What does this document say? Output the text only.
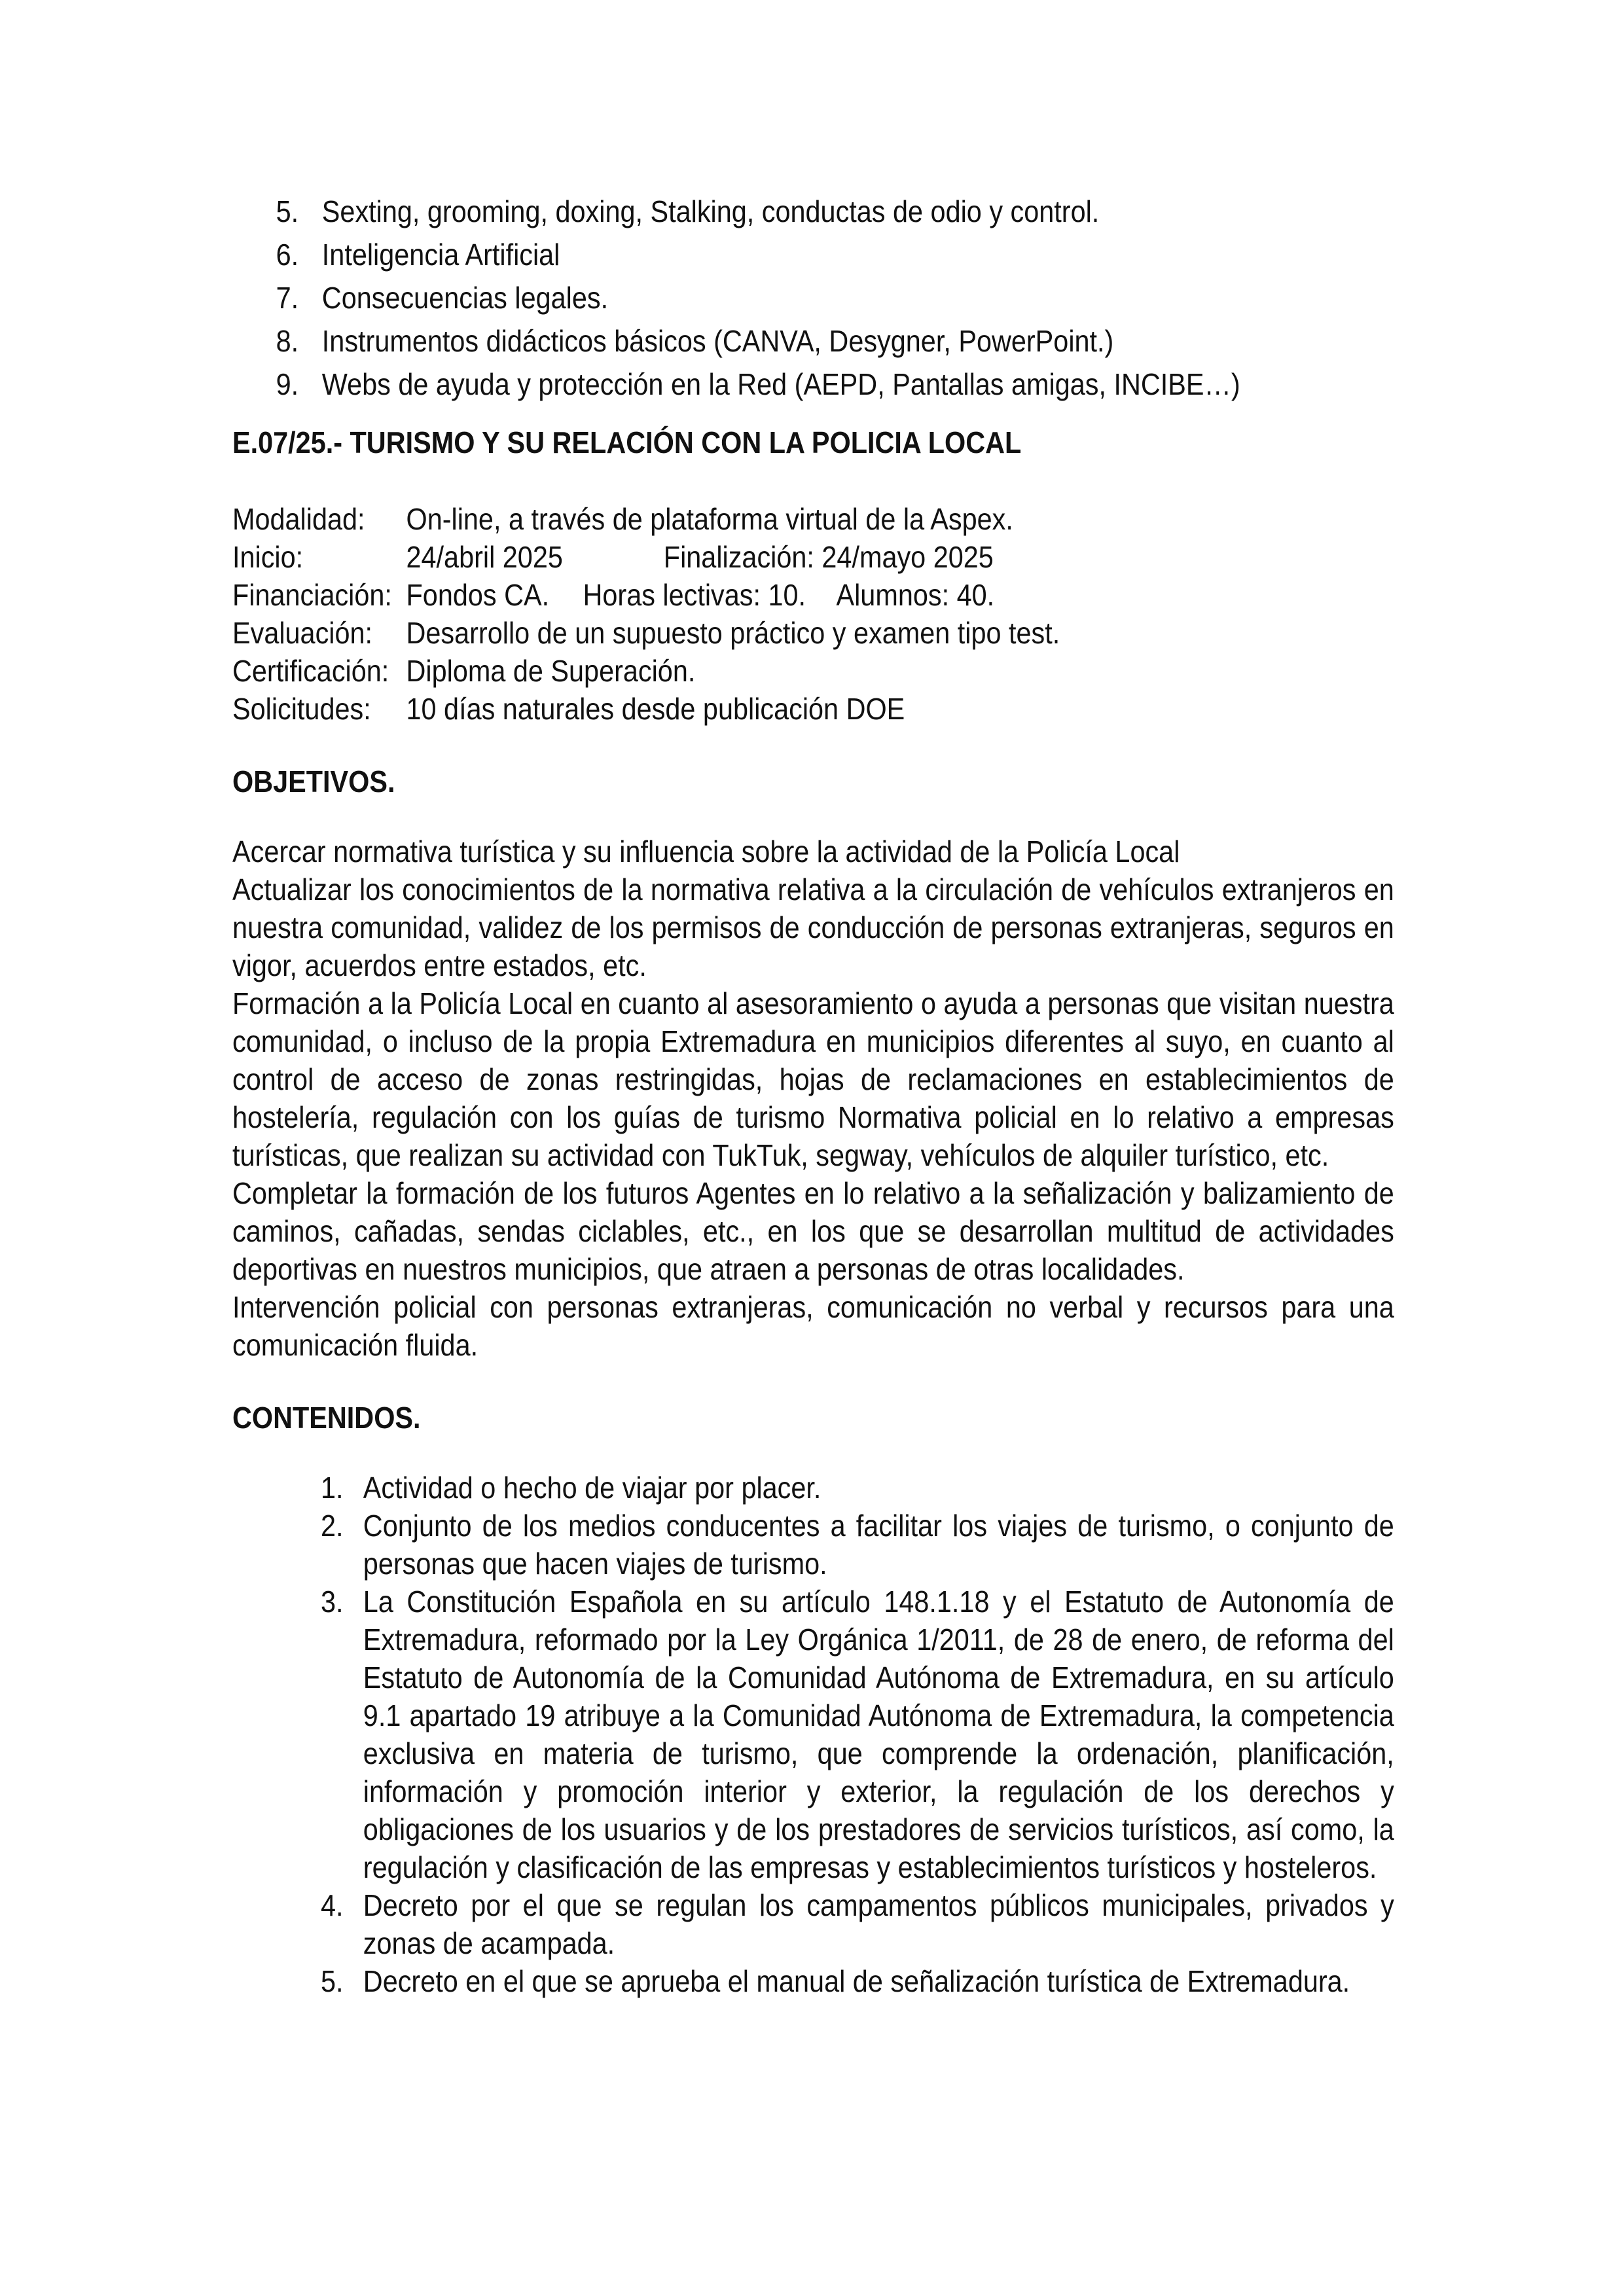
5. Sexting, grooming, doxing, Stalking, conductas de odio y control.
6. Inteligencia Artificial
7. Consecuencias legales.
8. Instrumentos didácticos básicos (CANVA, Desygner, PowerPoint.)
9. Webs de ayuda y protección en la Red (AEPD, Pantallas amigas, INCIBE…)
E.07/25.- TURISMO Y SU RELACIÓN CON LA POLICIA LOCAL
Modalidad: On-line, a través de plataforma virtual de la Aspex.
Inicio:	24/abril 2025	Finalización: 24/mayo 2025
Financiación: Fondos CA. Horas lectivas: 10. Alumnos: 40.
Evaluación: Desarrollo de un supuesto práctico y examen tipo test.
Certificación: Diploma de Superación.
Solicitudes: 10 días naturales desde publicación DOE
OBJETIVOS.

Acercar normativa turística y su influencia sobre la actividad de la Policía Local

Actualizar los conocimientos de la normativa relativa a la circulación de vehículos extranjeros en nuestra comunidad, validez de los permisos de conducción de personas extranjeras, seguros en vigor, acuerdos entre estados, etc.

Formación a la Policía Local en cuanto al asesoramiento o ayuda a personas que visitan nuestra comunidad, o incluso de la propia Extremadura en municipios diferentes al suyo, en cuanto al control de acceso de zonas restringidas, hojas de reclamaciones en establecimientos de hostelería, regulación con los guías de turismo Normativa policial en lo relativo a empresas turísticas, que realizan su actividad con TukTuk, segway, vehículos de alquiler turístico, etc.

Completar la formación de los futuros Agentes en lo relativo a la señalización y balizamiento de caminos, cañadas, sendas ciclables, etc., en los que se desarrollan multitud de actividades deportivas en nuestros municipios, que atraen a personas de otras localidades.

Intervención policial con personas extranjeras, comunicación no verbal y recursos para una comunicación fluida.

CONTENIDOS.
1. Actividad o hecho de viajar por placer.
2. Conjunto de los medios conducentes a facilitar los viajes de turismo, o conjunto de personas que hacen viajes de turismo.
3. La Constitución Española en su artículo 148.1.18 y el Estatuto de Autonomía de Extremadura, reformado por la Ley Orgánica 1/2011, de 28 de enero, de reforma del Estatuto de Autonomía de la Comunidad Autónoma de Extremadura, en su artículo 9.1 apartado 19 atribuye a la Comunidad Autónoma de Extremadura, la competencia exclusiva en materia de turismo, que comprende la ordenación, planificación, información y promoción interior y exterior, la regulación de los derechos y obligaciones de los usuarios y de los prestadores de servicios turísticos, así como, la regulación y clasificación de las empresas y establecimientos turísticos y hosteleros.
4. Decreto por el que se regulan los campamentos públicos municipales, privados y zonas de acampada.
5. Decreto en el que se aprueba el manual de señalización turística de Extremadura.
